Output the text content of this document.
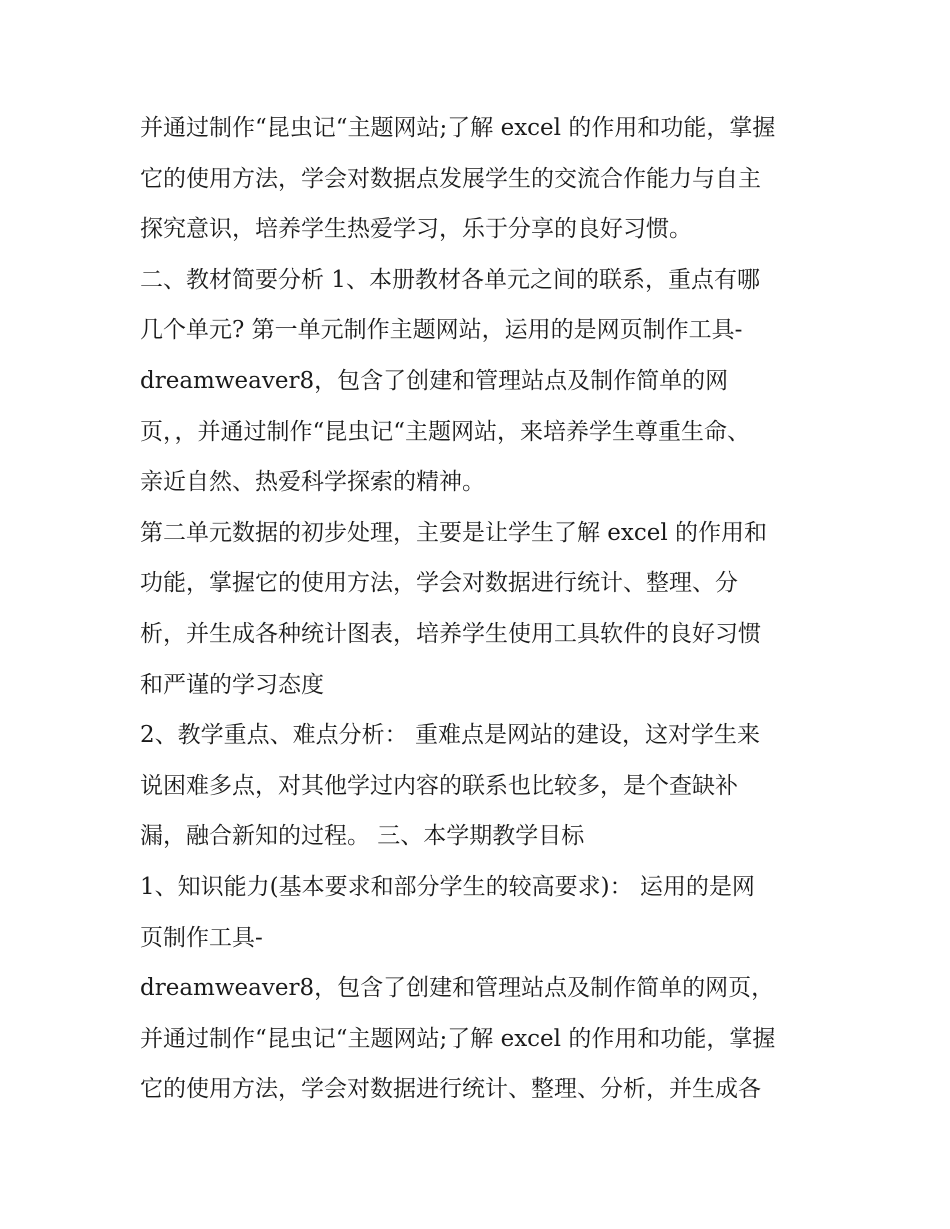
并通过制作“昆虫记“主题网站;了解 excel 的作用和功能，掌握
它的使用方法，学会对数据点发展学生的交流合作能力与自主
探究意识，培养学生热爱学习，乐于分享的良好习惯。
二、教材简要分析 1、本册教材各单元之间的联系，重点有哪
几个单元? 第一单元制作主题网站，运用的是网页制作工具-
dreamweaver8，包含了创建和管理站点及制作简单的网
页，，并通过制作“昆虫记“主题网站，来培养学生尊重生命、
亲近自然、热爱科学探索的精神。
第二单元数据的初步处理，主要是让学生了解 excel 的作用和
功能，掌握它的使用方法，学会对数据进行统计、整理、分
析，并生成各种统计图表，培养学生使用工具软件的良好习惯
和严谨的学习态度
2、教学重点、难点分析： 重难点是网站的建设，这对学生来
说困难多点，对其他学过内容的联系也比较多，是个查缺补
漏，融合新知的过程。 三、本学期教学目标
1、知识能力(基本要求和部分学生的较高要求)： 运用的是网
页制作工具-
dreamweaver8，包含了创建和管理站点及制作简单的网页，
并通过制作“昆虫记“主题网站;了解 excel 的作用和功能，掌握
它的使用方法，学会对数据进行统计、整理、分析，并生成各
